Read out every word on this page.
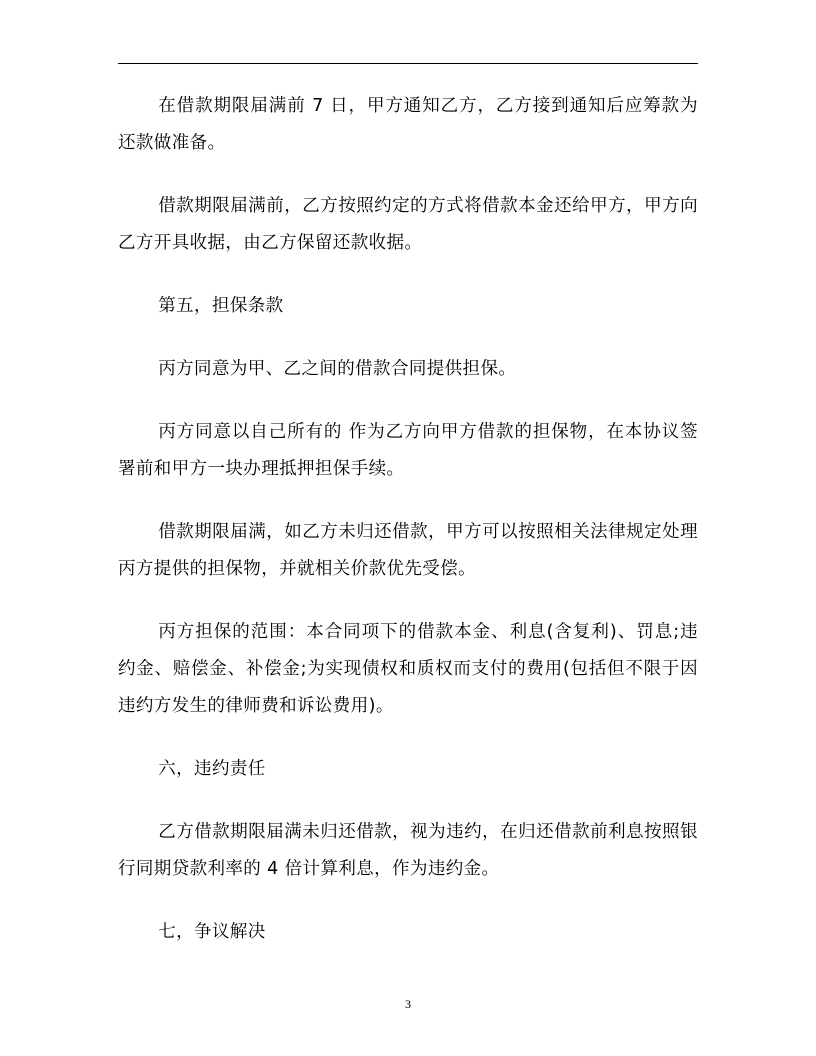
在借款期限届满前 7 日，甲方通知乙方，乙方接到通知后应筹款为还款做准备。

借款期限届满前，乙方按照约定的方式将借款本金还给甲方，甲方向乙方开具收据，由乙方保留还款收据。

第五，担保条款

丙方同意为甲、乙之间的借款合同提供担保。

丙方同意以自己所有的 作为乙方向甲方借款的担保物，在本协议签署前和甲方一块办理抵押担保手续。

借款期限届满，如乙方未归还借款，甲方可以按照相关法律规定处理丙方提供的担保物，并就相关价款优先受偿。

丙方担保的范围：本合同项下的借款本金、利息(含复利)、罚息;违约金、赔偿金、补偿金;为实现债权和质权而支付的费用(包括但不限于因违约方发生的律师费和诉讼费用)。

六，违约责任

乙方借款期限届满未归还借款，视为违约，在归还借款前利息按照银行同期贷款利率的 4 倍计算利息，作为违约金。

七，争议解决

3
